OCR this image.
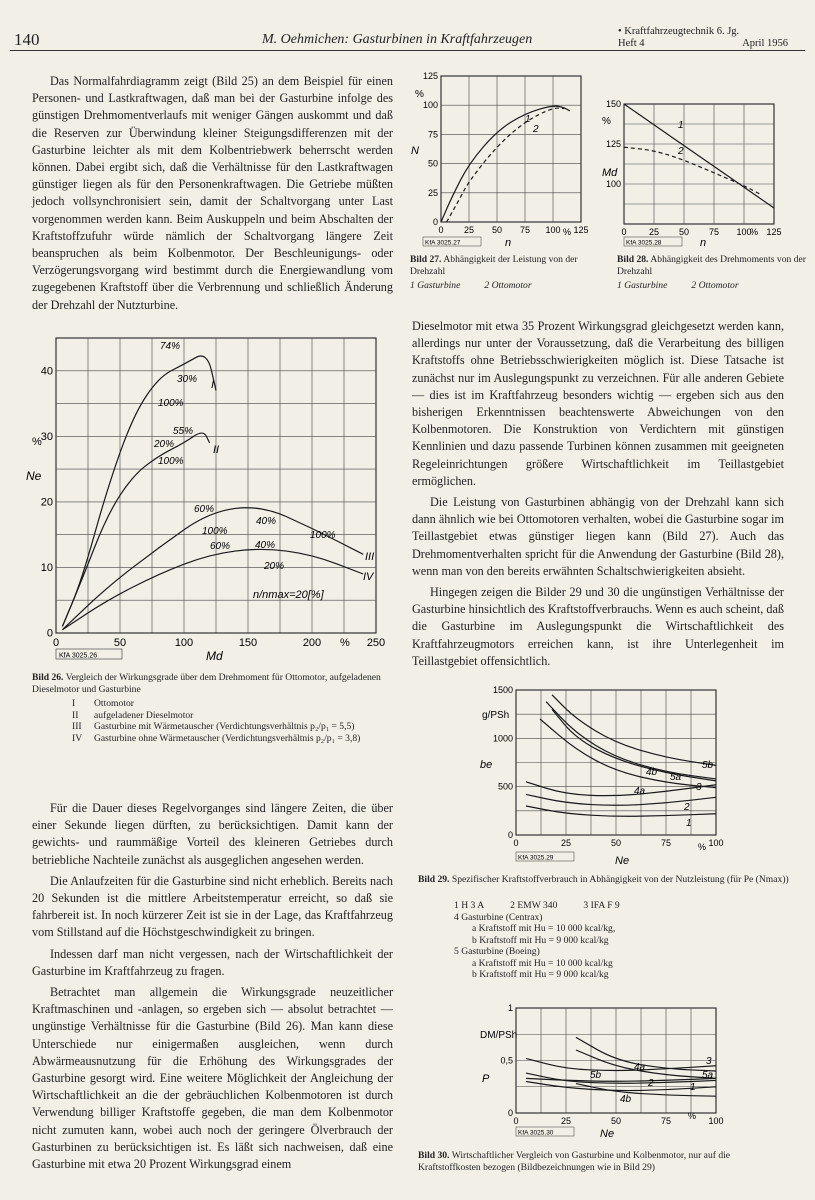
140	M. Oehmichen: Gasturbinen in Kraftfahrzeugen
• Kraftfahrzeugtechnik 6. Jg.
Heft 4	April 1956

Das Normalfahrdiagramm zeigt (Bild 25) an dem Beispiel für einen Personen- und Lastkraftwagen, daß man bei der Gasturbine infolge des günstigen Drehmomentverlaufs mit weniger Gängen auskommt und daß die Reserven zur Überwindung kleiner Steigungsdifferenzen mit der Gasturbine leichter als mit dem Kolbentriebwerk beherrscht werden können. Dabei ergibt sich, daß die Verhältnisse für den Lastkraftwagen günstiger liegen als für den Personenkraftwagen. Die Getriebe müßten jedoch vollsynchronisiert sein, damit der Schaltvorgang unter Last vorgenommen werden kann. Beim Auskuppeln und beim Abschalten der Kraftstoffzufuhr würde nämlich der Schaltvorgang längere Zeit beanspruchen als beim Kolbenmotor. Der Beschleunigungs- oder Verzögerungsvorgang wird bestimmt durch die Energiewandlung vom zugegebenen Kraftstoff über die Verbrennung und schließlich Änderung der Drehzahl der Nutzturbine.

0	50	100	150	200	250
0
10
20
30
40
%
Ne
Md
%
n/nmax=20[%]
KfA 3025.26
74%
30% I
100%
55%
20%	II
100%
60%
40%
100%	100%
60% 40%
20%
III
IV
Bild 26. Vergleich der Wirkungsgrade über dem Drehmoment für Ottomotor, aufgeladenen Dieselmotor und Gasturbine
I	Ottomotor
II	aufgeladener Dieselmotor
III	Gasturbine mit Wärmetauscher (Verdichtungsverhältnis p₂/p₁ = 5,5)
IV	Gasturbine ohne Wärmetauscher (Verdichtungsverhältnis p₂/p₁ = 3,8)

Für die Dauer dieses Regelvorganges sind längere Zeiten, die über einer Sekunde liegen dürften, zu berücksichtigen. Damit kann der gewichts- und raummäßige Vorteil des kleineren Getriebes durch betriebliche Nachteile zunächst als ausgeglichen angesehen werden.

Die Anlaufzeiten für die Gasturbine sind nicht erheblich. Bereits nach 20 Sekunden ist die mittlere Arbeitstemperatur erreicht, so daß sie fahrbereit ist. In noch kürzerer Zeit ist sie in der Lage, das Kraftfahrzeug vom Stillstand auf die Höchstgeschwindigkeit zu bringen.

Indessen darf man nicht vergessen, nach der Wirtschaftlichkeit der Gasturbine im Kraftfahrzeug zu fragen.

Betrachtet man allgemein die Wirkungsgrade neuzeitlicher Kraftmaschinen und -anlagen, so ergeben sich — absolut betrachtet — ungünstige Verhältnisse für die Gasturbine (Bild 26). Man kann diese Unterschiede nur einigermaßen ausgleichen, wenn durch Abwärmeausnutzung für die Erhöhung des Wirkungsgrades der Gasturbine gesorgt wird. Eine weitere Möglichkeit der Angleichung der Wirtschaftlichkeit an die der gebräuchlichen Kolbenmotoren ist durch Verwendung billiger Kraftstoffe gegeben, die man dem Kolbenmotor nicht zumuten kann, wobei auch noch der geringere Ölverbrauch der Gasturbinen zu berücksichtigen ist. Es läßt sich nachweisen, daß eine Gasturbine mit etwa 20 Prozent Wirkungsgrad einem

0 25 50 75 100 125
0
25
50
75
100
125
%
N
n
%
KfA 3025.27
1
2
Bild 27. Abhängigkeit der Leistung von der Drehzahl
1 Gasturbine	2 Ottomotor
0 25 50 75 100 125
100
125
150
%
Md
n
%
KfA 3025.28
1
2
Bild 28. Abhängigkeit des Drehmoments von der Drehzahl
1 Gasturbine	2 Ottomotor

Dieselmotor mit etwa 35 Prozent Wirkungsgrad gleichgesetzt werden kann, allerdings nur unter der Voraussetzung, daß die Verarbeitung des billigen Kraftstoffs ohne Betriebsschwierigkeiten möglich ist. Diese Tatsache ist zunächst nur im Auslegungspunkt zu verzeichnen. Für alle anderen Gebiete — dies ist im Kraftfahrzeug besonders wichtig — ergeben sich aus den bisherigen Erkenntnissen beachtenswerte Abweichungen von den Kolbenmotoren. Die Konstruktion von Verdichtern mit günstigen Kennlinien und dazu passende Turbinen können zusammen mit geeigneten Regeleinrichtungen größere Wirtschaftlichkeit im Teillastgebiet ermöglichen.

Die Leistung von Gasturbinen abhängig von der Drehzahl kann sich dann ähnlich wie bei Ottomotoren verhalten, wobei die Gasturbine sogar im Teillastgebiet etwas günstiger liegen kann (Bild 27). Auch das Drehmomentverhalten spricht für die Anwendung der Gasturbine (Bild 28), wenn man von den bereits erwähnten Schaltschwierigkeiten absieht.

Hingegen zeigen die Bilder 29 und 30 die ungünstigen Verhältnisse der Gasturbine hinsichtlich des Kraftstoffverbrauchs. Wenn es auch scheint, daß die Gasturbine im Auslegungspunkt die Wirtschaftlichkeit des Kraftfahrzeugmotors erreichen kann, ist ihre Unterlegenheit im Teillastgebiet offensichtlich.

0	25	50	75	100
0
500
1000
1500
g/PSh
be
Ne
%
KfA 3025.29
5b
4b 5a
3
4a
2
1
Bild 29. Spezifischer Kraftstoffverbrauch in Abhängigkeit von der Nutzleistung (für Pe (Nmax))
1 H 3 A	2 EMW 340	3 IFA F 9
4 Gasturbine (Centrax)
a Kraftstoff mit Hu = 10 000 kcal/kg,
b Kraftstoff mit Hu = 9 000 kcal/kg
5 Gasturbine (Boeing)
a Kraftstoff mit Hu = 10 000 kcal/kg
b Kraftstoff mit Hu = 9 000 kcal/kg
0	25	50	75	100
0
0,5
1
DM/PSh
P
Ne
%
KfA 3025.30
3
4a
5a
5b
2	1
4b
Bild 30. Wirtschaftlicher Vergleich von Gasturbine und Kolbenmotor, nur auf die Kraftstoffkosten bezogen (Bildbezeichnungen wie in Bild 29)
